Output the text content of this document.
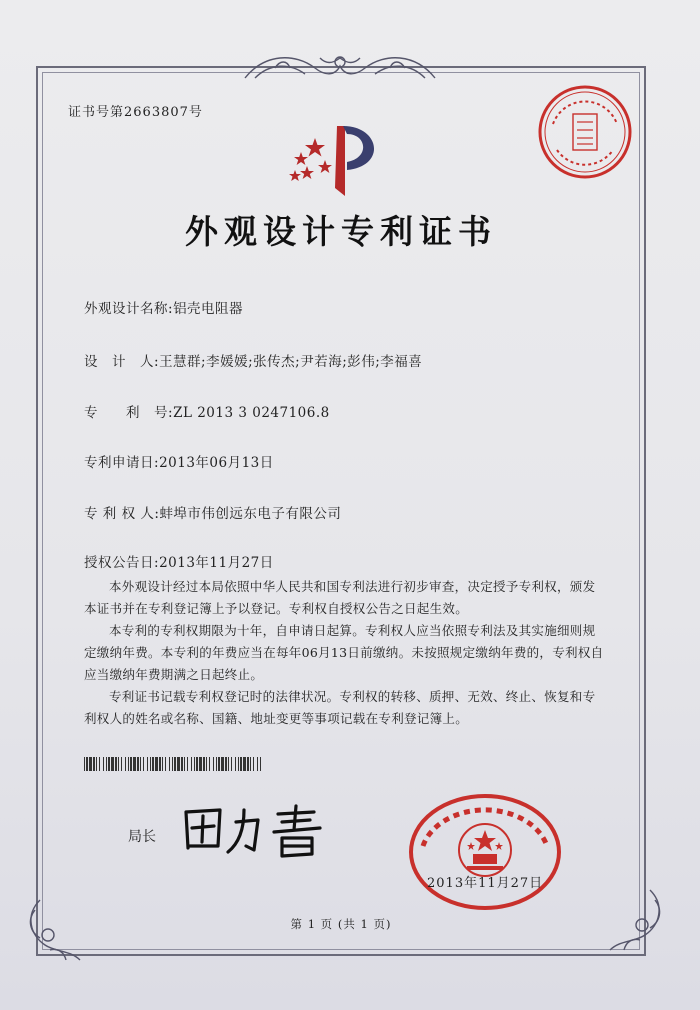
证书号第2663807号
外观设计专利证书
外观设计名称:铝壳电阻器
设　计　人:王慧群;李媛媛;张传杰;尹若海;彭伟;李福喜
专　　利　号:ZL 2013 3 0247106.8
专利申请日:2013年06月13日
专 利 权 人:蚌埠市伟创远东电子有限公司
授权公告日:2013年11月27日

本外观设计经过本局依照中华人民共和国专利法进行初步审查，决定授予专利权，颁发本证书并在专利登记簿上予以登记。专利权自授权公告之日起生效。

本专利的专利权期限为十年，自申请日起算。专利权人应当依照专利法及其实施细则规定缴纳年费。本专利的年费应当在每年06月13日前缴纳。未按照规定缴纳年费的，专利权自应当缴纳年费期满之日起终止。

专利证书记载专利权登记时的法律状况。专利权的转移、质押、无效、终止、恢复和专利权人的姓名或名称、国籍、地址变更等事项记载在专利登记簿上。

局长
2013年11月27日
第 1 页 (共 1 页)
